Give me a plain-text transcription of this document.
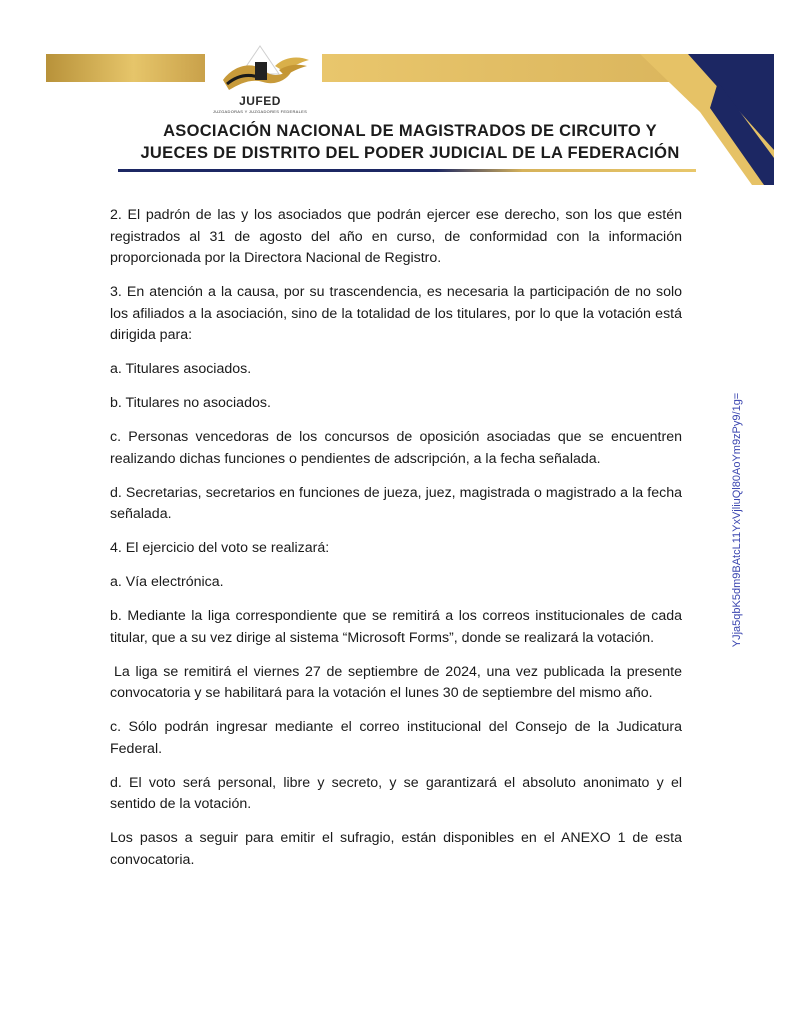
JUFED
JUZGADORAS Y JUZGADORES FEDERALES
ASOCIACIÓN NACIONAL DE MAGISTRADOS DE CIRCUITO Y
JUECES DE DISTRITO DEL PODER JUDICIAL DE LA FEDERACIÓN
YJja5qbK5dm9BAtcL11YxVjliuQl80AoYm9zPy9/1g=

2. El padrón de las y los asociados que podrán ejercer ese derecho, son los que estén registrados al 31 de agosto del año en curso, de conformidad con la información proporcionada por la Directora Nacional de Registro.

3. En atención a la causa, por su trascendencia, es necesaria la participación de no solo los afiliados a la asociación, sino de la totalidad de los titulares, por lo que la votación está dirigida para:

a. Titulares asociados.

b. Titulares no asociados.

c. Personas vencedoras de los concursos de oposición asociadas que se encuentren realizando dichas funciones o pendientes de adscripción, a la fecha señalada.

d. Secretarias, secretarios en funciones de jueza, juez, magistrada o magistrado a la fecha señalada.

4. El ejercicio del voto se realizará:

a. Vía electrónica.

b. Mediante la liga correspondiente que se remitirá a los correos institucionales de cada titular, que a su vez dirige al sistema “Microsoft Forms”, donde se realizará la votación.

La liga se remitirá el viernes 27 de septiembre de 2024, una vez publicada la presente convocatoria y se habilitará para la votación el lunes 30 de septiembre del mismo año.

c. Sólo podrán ingresar mediante el correo institucional del Consejo de la Judicatura Federal.

d. El voto será personal, libre y secreto, y se garantizará el absoluto anonimato y el sentido de la votación.

Los pasos a seguir para emitir el sufragio, están disponibles en el ANEXO 1 de esta convocatoria.
